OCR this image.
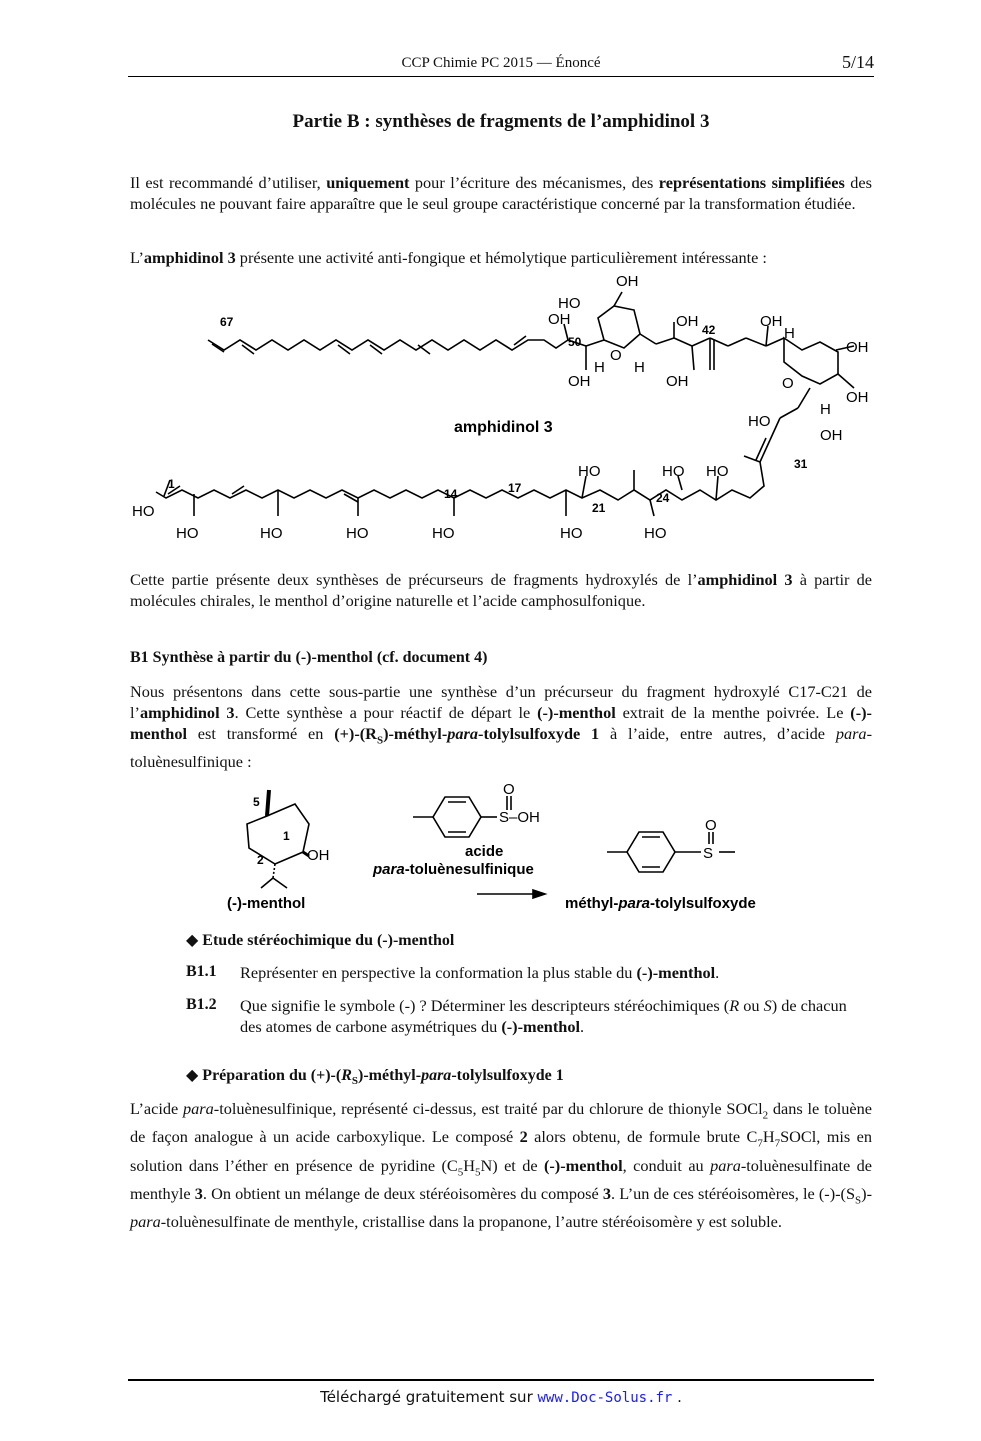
CCP Chimie PC 2015 — Énoncé	5/14
Partie B : synthèses de fragments de l’amphidinol 3
Il est recommandé d’utiliser, uniquement pour l’écriture des mécanismes, des représentations simplifiées des molécules ne pouvant faire apparaître que le seul groupe caractéristique concerné par la transformation étudiée.
L’amphidinol 3 présente une activité anti-fongique et hémolytique particulièrement intéressante :
67
50
42
31
1
14	17
21
24
OH
HO
OH
OH
H
O
H
OH
OH	OH
H
OH
O
OH
H
HO
OH
HO
HO	HO	HO	HO	HO	HO
HO	HO HO
amphidinol 3
Cette partie présente deux synthèses de précurseurs de fragments hydroxylés de l’amphidinol 3 à partir de molécules chirales, le menthol d’origine naturelle et l’acide camphosulfonique.
B1 Synthèse à partir du (-)-menthol (cf. document 4)
Nous présentons dans cette sous-partie une synthèse d’un précurseur du fragment hydroxylé C17-C21 de l’amphidinol 3. Cette synthèse a pour réactif de départ le (-)-menthol extrait de la menthe poivrée. Le (-)-menthol est transformé en $(+)-(R_S)-méthyl-para$-tolylsulfoxyde 1 à l’aide, entre autres, d’acide para-toluènesulfinique :
5
1
2	OH
(-)-menthol
O
S–OH
acide
para-toluènesulfinique
O
S
méthyl-para-tolylsulfoxyde
◆ Etude stéréochimique du (-)-menthol
B1.1 Représenter en perspective la conformation la plus stable du (-)-menthol.
B1.2 Que signifie le symbole (-) ? Déterminer les descripteurs stéréochimiques (R ou S) de chacun des atomes de carbone asymétriques du (-)-menthol.
◆ Préparation du $(+)-(R_S)-méthyl-para$-tolylsulfoxyde 1
L’acide para-toluènesulfinique, représenté ci-dessus, est traité par du chlorure de thionyle SOCl$_2$ dans le toluène de façon analogue à un acide carboxylique. Le composé 2 alors obtenu, de formule brute $C_7H_7SOCl$, mis en solution dans l’éther en présence de pyridine $(C_5H_5N)$ et de (-)-menthol, conduit au para-toluènesulfinate de menthyle 3. On obtient un mélange de deux stéréoisomères du composé 3. L’un de ces stéréoisomères, le $(-)-(S_S)-para$-toluènesulfinate de menthyle, cristallise dans la propanone, l’autre stéréoisomère y est soluble.
Téléchargé gratuitement sur www.Doc-Solus.fr .
